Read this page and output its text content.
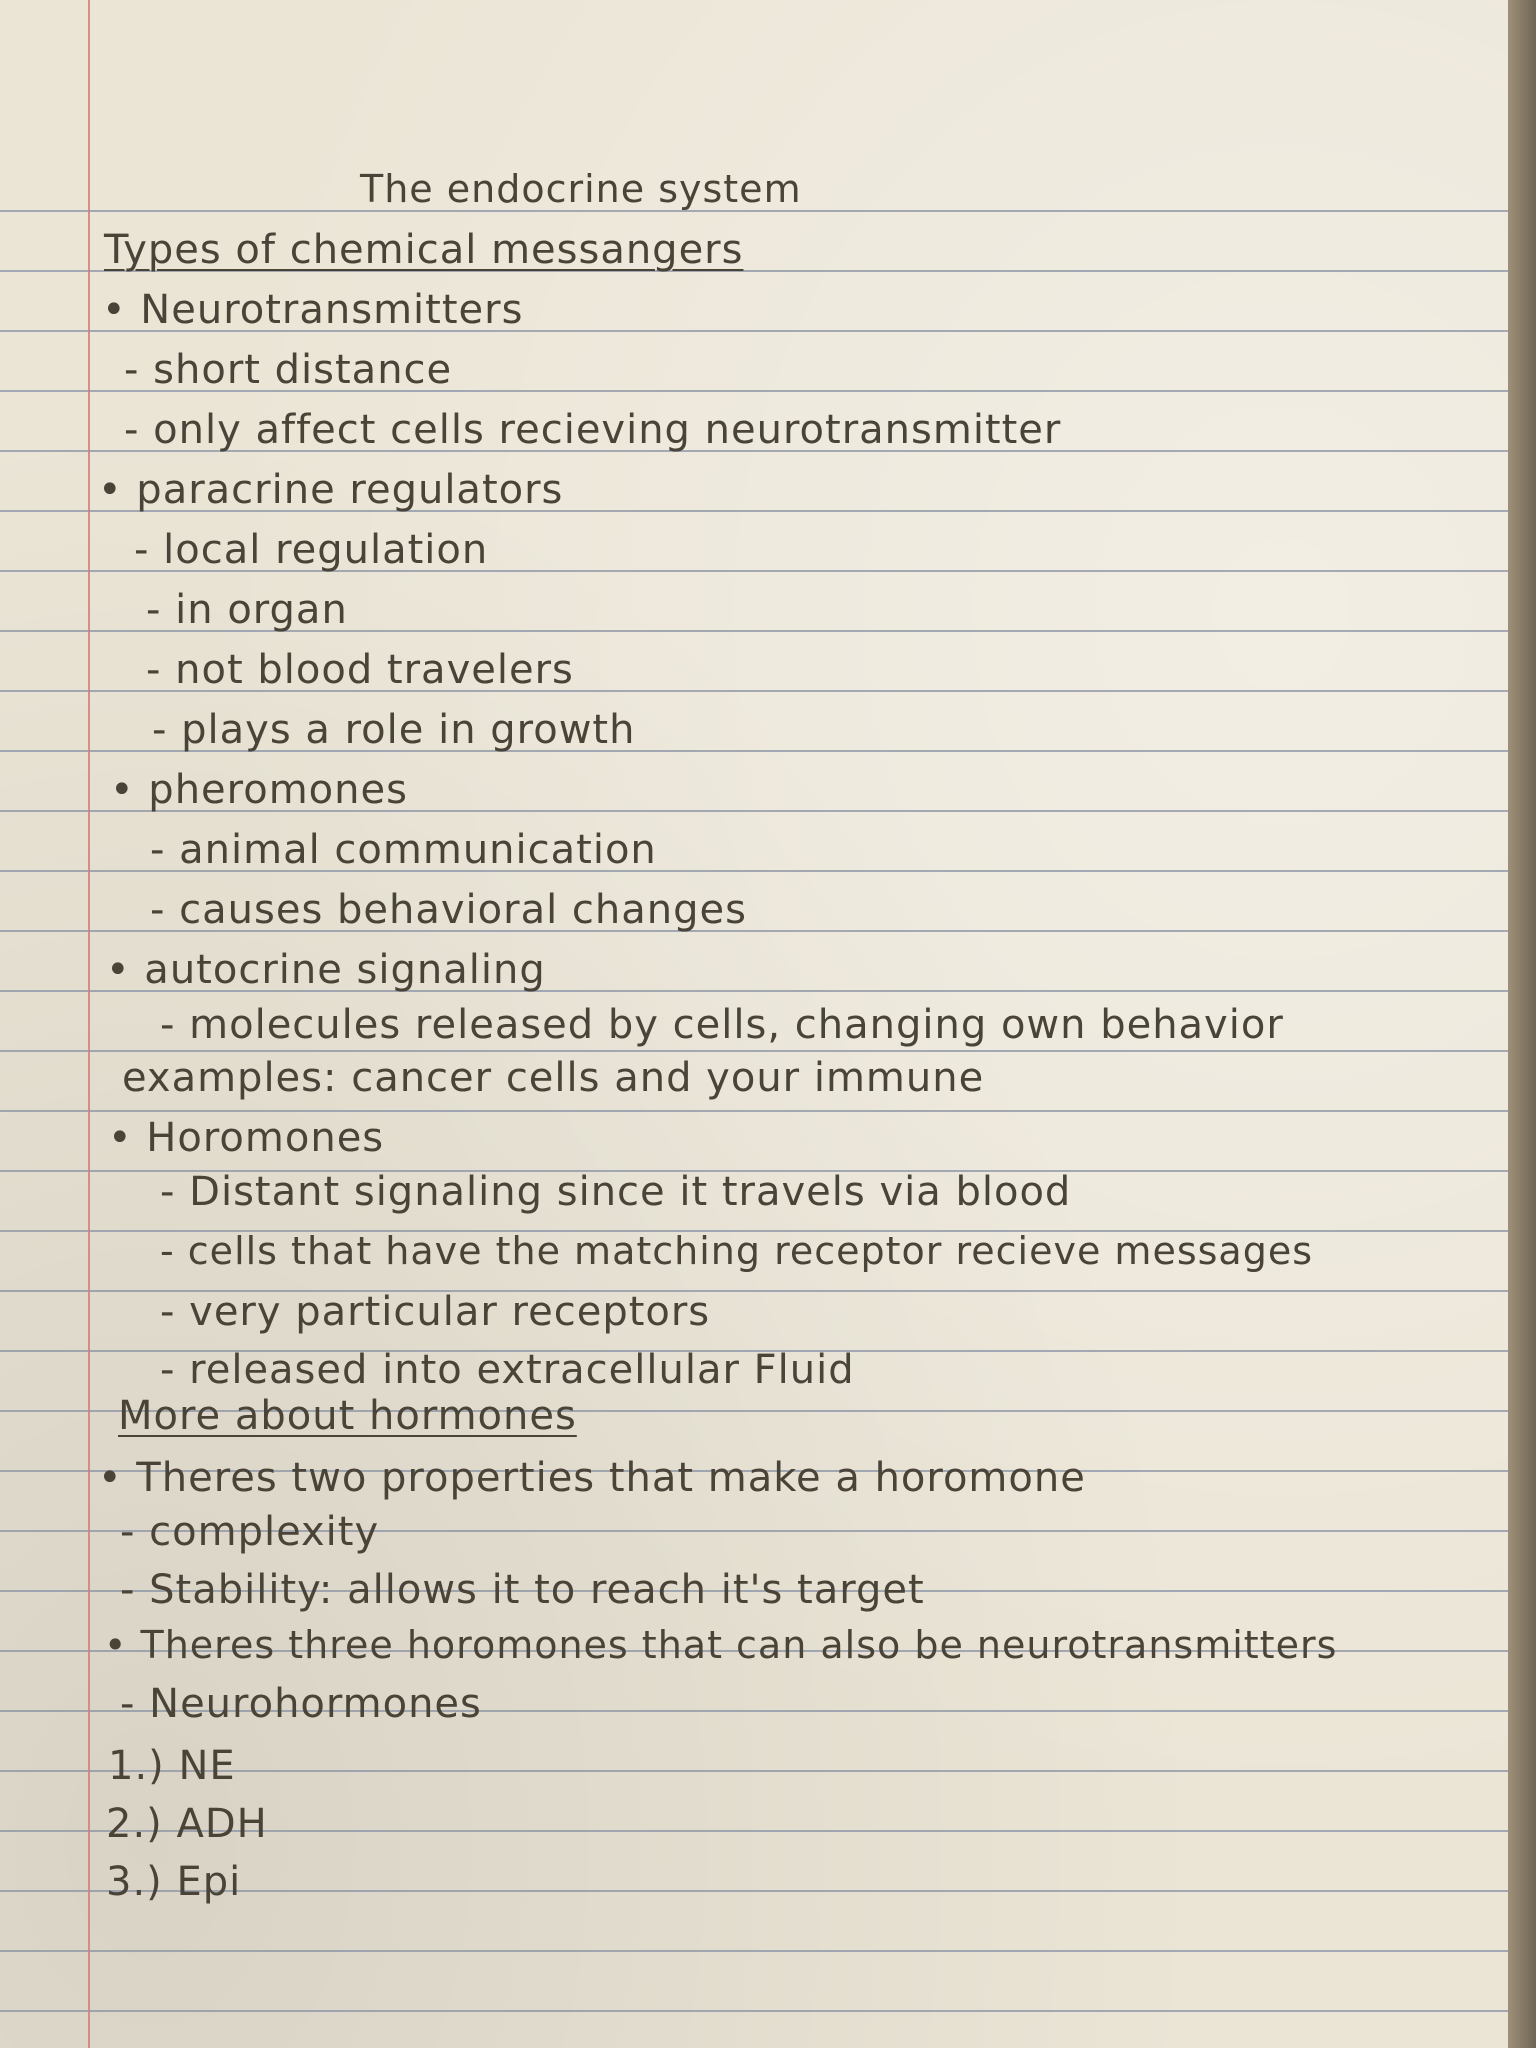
The endocrine system
Types of chemical messangers
• Neurotransmitters
- short distance
- only affect cells recieving neurotransmitter
• paracrine regulators
- local regulation
- in organ
- not blood travelers
- plays a role in growth
• pheromones
- animal communication
- causes behavioral changes
• autocrine signaling
- molecules released by cells, changing own behavior
examples: cancer cells and your immune
• Horomones
- Distant signaling since it travels via blood
- cells that have the matching receptor recieve messages
- very particular receptors
- released into extracellular Fluid
More about hormones
• Theres two properties that make a horomone
- complexity
- Stability: allows it to reach it's target
• Theres three horomones that can also be neurotransmitters
- Neurohormones
1.) NE
2.) ADH
3.) Epi
